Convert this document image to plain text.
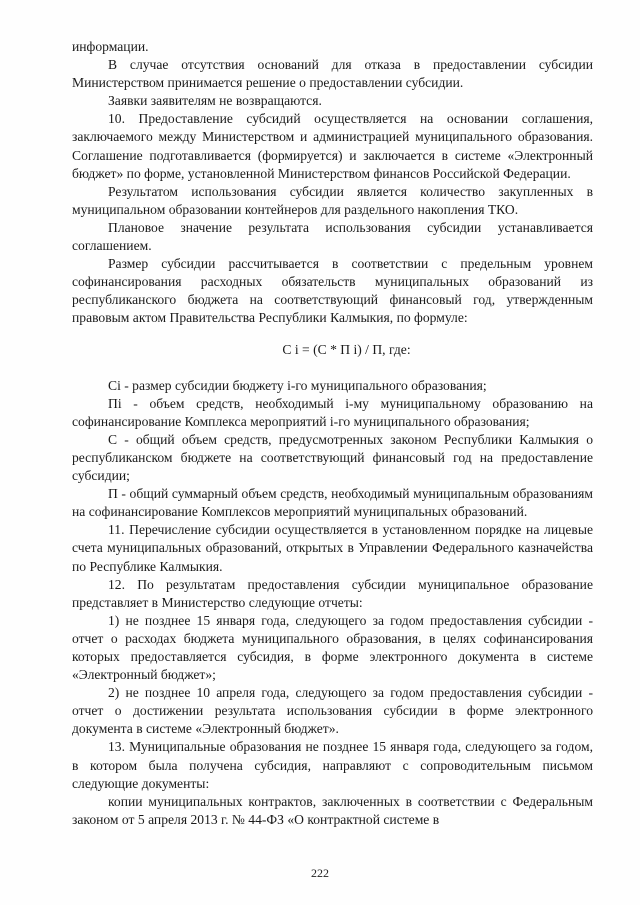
информации.

В случае отсутствия оснований для отказа в предоставлении субсидии Министерством принимается решение о предоставлении субсидии.

Заявки заявителям не возвращаются.

10. Предоставление субсидий осуществляется на основании соглашения, заключаемого между Министерством и администрацией муниципального образования. Соглашение подготавливается (формируется) и заключается в системе «Электронный бюджет» по форме, установленной Министерством финансов Российской Федерации.

Результатом использования субсидии является количество закупленных в муниципальном образовании контейнеров для раздельного накопления ТКО.

Плановое значение результата использования субсидии устанавливается соглашением.

Размер субсидии рассчитывается в соответствии с предельным уровнем софинансирования расходных обязательств муниципальных образований из республиканского бюджета на соответствующий финансовый год, утвержденным правовым актом Правительства Республики Калмыкия, по формуле:

C i = (C * П i) / П, где:

Ci - размер субсидии бюджету i-го муниципального образования;

Пi - объем средств, необходимый i-му муниципальному образованию на софинансирование Комплекса мероприятий i-го муниципального образования;

С - общий объем средств, предусмотренных законом Республики Калмыкия о республиканском бюджете на соответствующий финансовый год на предоставление субсидии;

П - общий суммарный объем средств, необходимый муниципальным образованиям на софинансирование Комплексов мероприятий муниципальных образований.

11. Перечисление субсидии осуществляется в установленном порядке на лицевые счета муниципальных образований, открытых в Управлении Федерального казначейства по Республике Калмыкия.

12. По результатам предоставления субсидии муниципальное образование представляет в Министерство следующие отчеты:

1) не позднее 15 января года, следующего за годом предоставления субсидии - отчет о расходах бюджета муниципального образования, в целях софинансирования которых предоставляется субсидия, в форме электронного документа в системе «Электронный бюджет»;

2) не позднее 10 апреля года, следующего за годом предоставления субсидии - отчет о достижении результата использования субсидии в форме электронного документа в системе «Электронный бюджет».

13. Муниципальные образования не позднее 15 января года, следующего за годом, в котором была получена субсидия, направляют с сопроводительным письмом следующие документы:

копии муниципальных контрактов, заключенных в соответствии с Федеральным законом от 5 апреля 2013 г. № 44-ФЗ «О контрактной системе в

222
